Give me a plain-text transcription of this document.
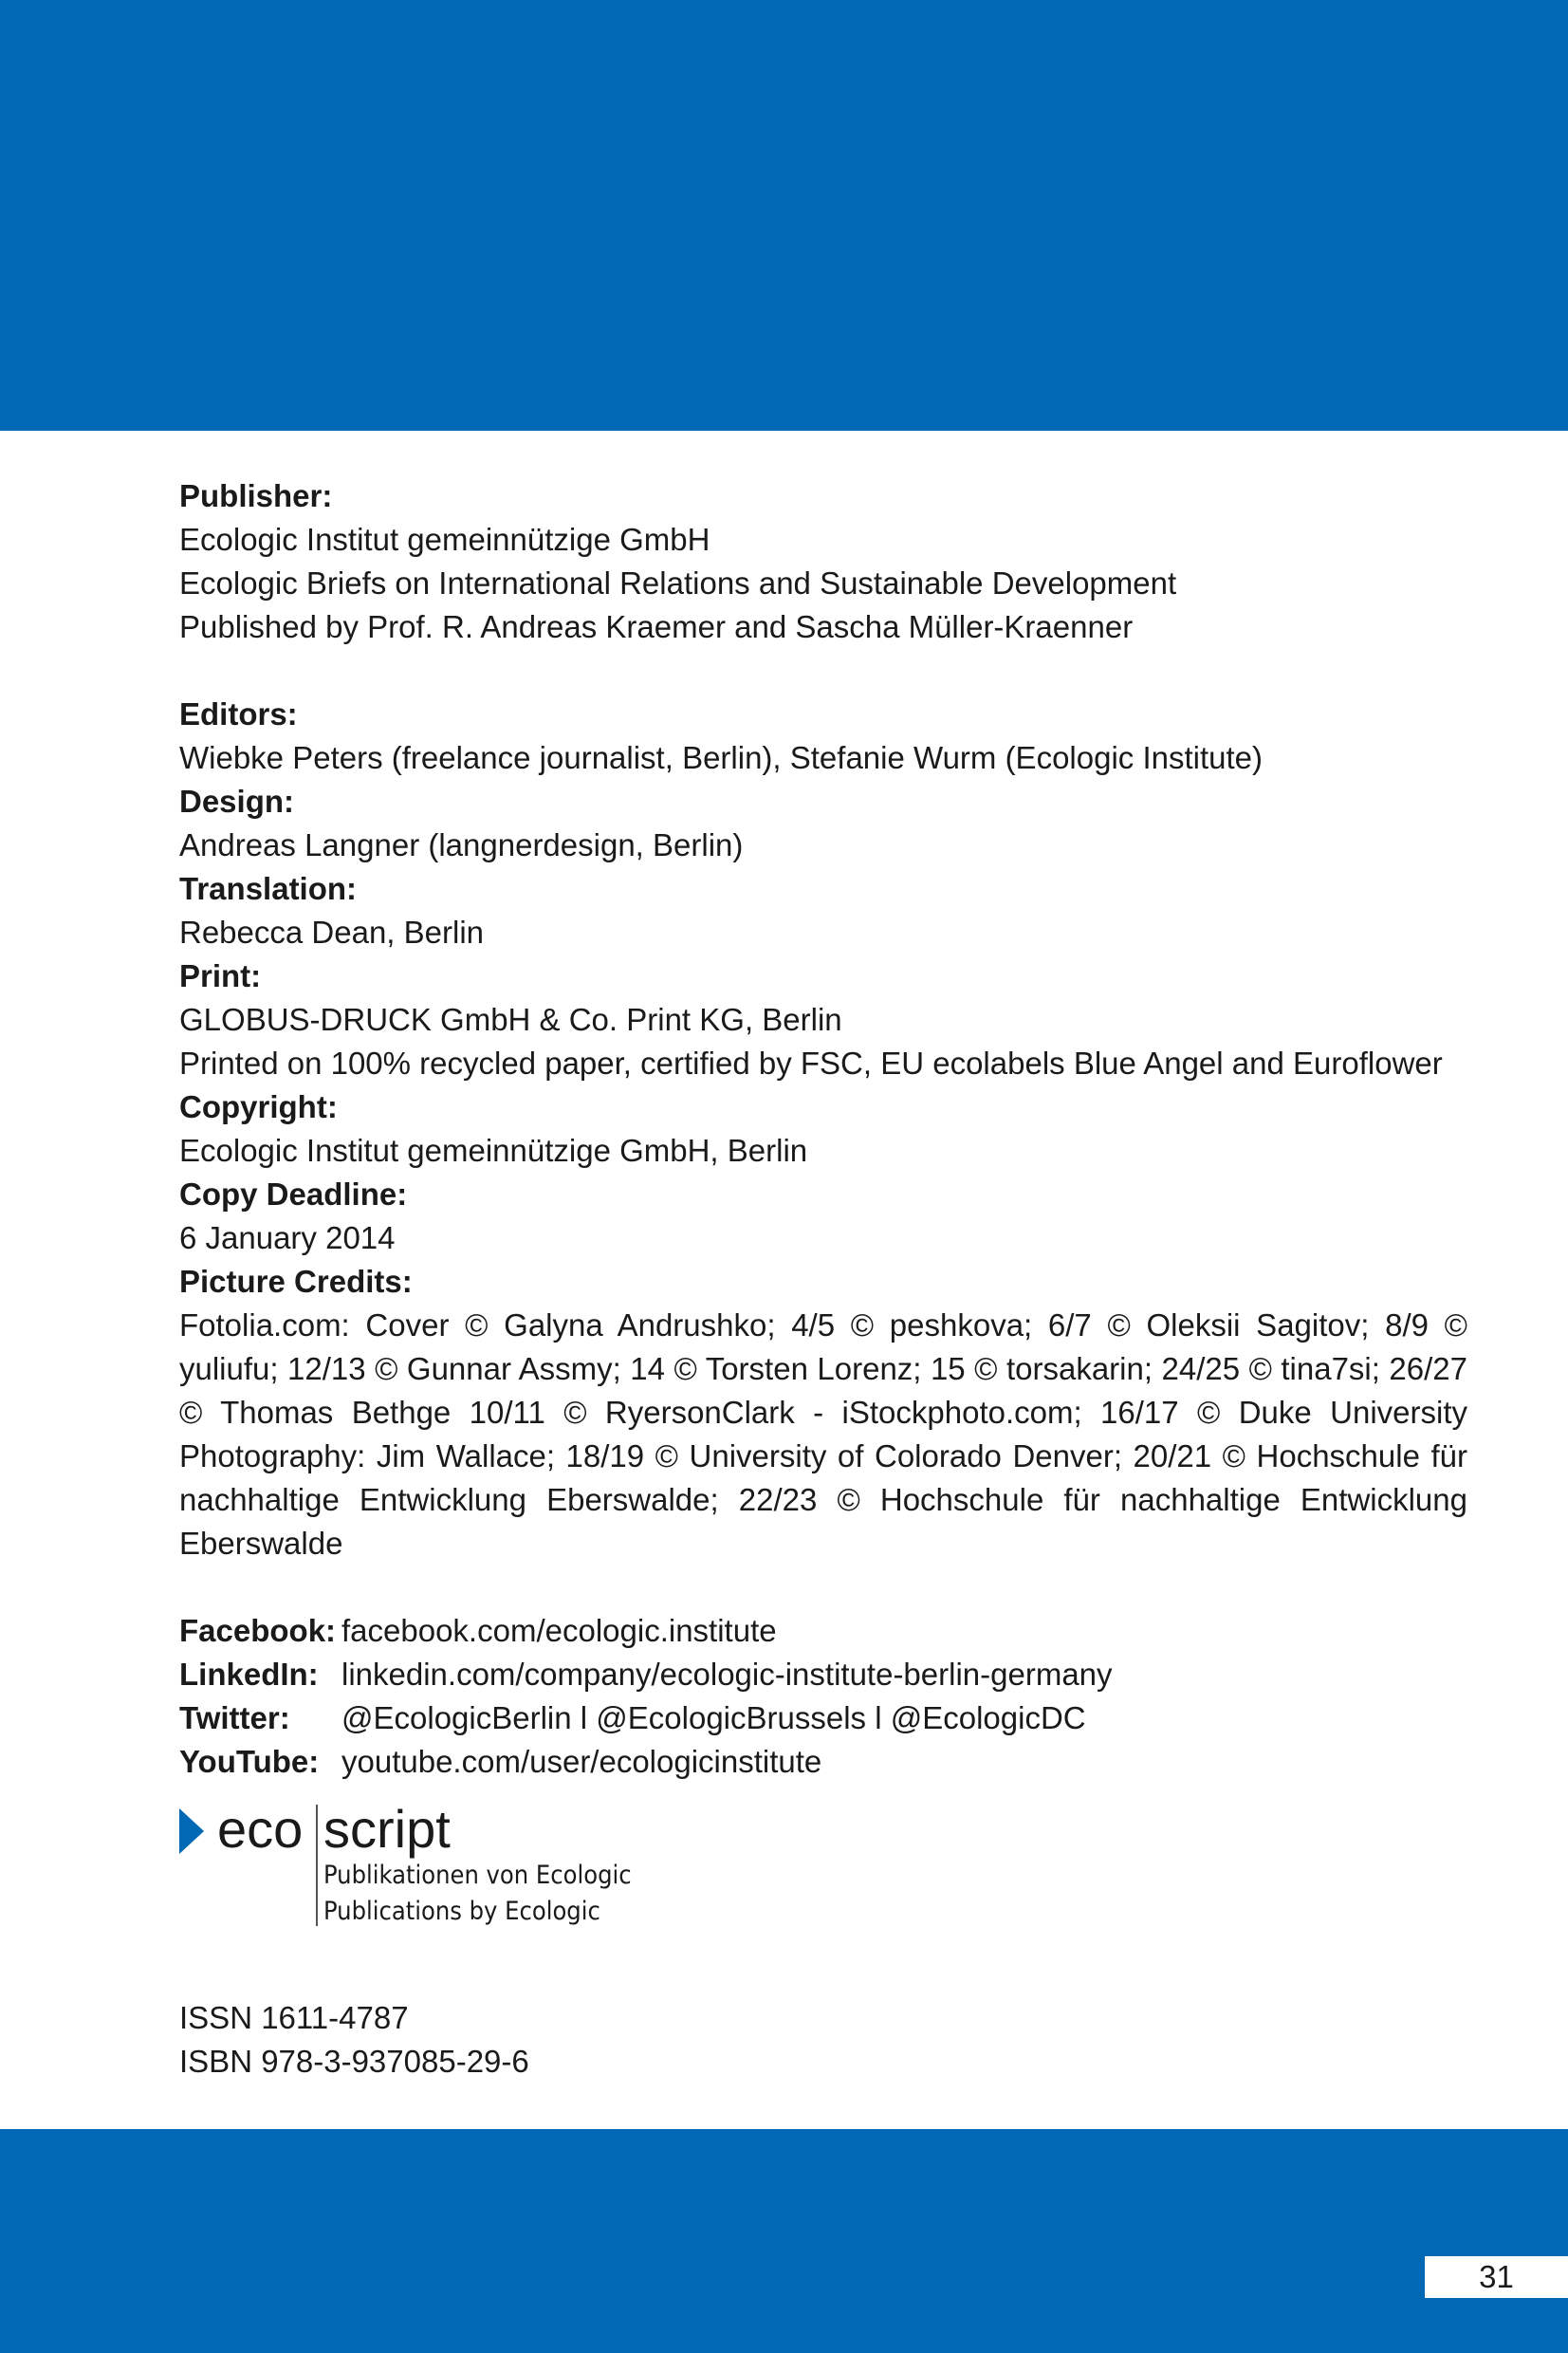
Publisher:

Ecologic Institut gemeinnützige GmbH

Ecologic Briefs on International Relations and Sustainable Development

Published by Prof. R. Andreas Kraemer and Sascha Müller-Kraenner

Editors:

Wiebke Peters (freelance journalist, Berlin), Stefanie Wurm (Ecologic Institute)

Design:

Andreas Langner (langnerdesign, Berlin)

Translation:

Rebecca Dean, Berlin

Print:

GLOBUS-DRUCK GmbH & Co. Print KG, Berlin

Printed on 100% recycled paper, certified by FSC, EU ecolabels Blue Angel and Euroflower

Copyright:

Ecologic Institut gemeinnützige GmbH, Berlin

Copy Deadline:

6 January 2014

Picture Credits:

Fotolia.com: Cover © Galyna Andrushko; 4/5 © peshkova; 6/7 © Oleksii Sagitov; 8/9 © yuliufu; 12/13 © Gunnar Assmy; 14 © Torsten Lorenz; 15 © torsakarin; 24/25 © tina7si; 26/27 © Thomas Bethge 10/11 © RyersonClark - iStockphoto.com; 16/17 © Duke University Photography: Jim Wallace; 18/19 © University of Colorado Denver; 20/21 © Hochschule für nachhaltige Entwicklung Eberswalde; 22/23 © Hochschule für nachhaltige Entwicklung Eberswalde

Facebook: facebook.com/ecologic.institute
LinkedIn: linkedin.com/company/ecologic-institute-berlin-germany
Twitter:	@EcologicBerlin l @EcologicBrussels l @EcologicDC
YouTube: youtube.com/user/ecologicinstitute
eco script
Publikationen von Ecologic
Publications by Ecologic

ISSN 1611-4787

ISBN 978-3-937085-29-6

31
